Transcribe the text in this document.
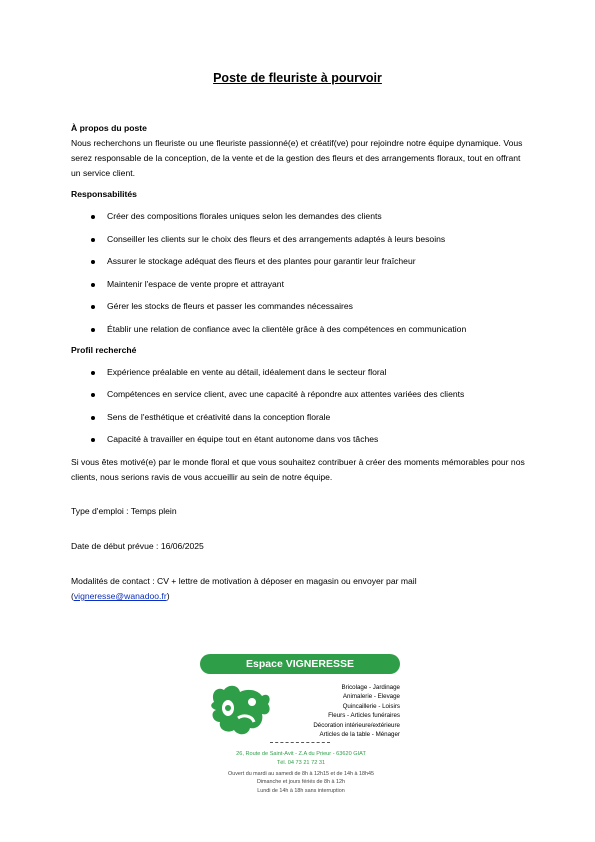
Poste de fleuriste à pourvoir

À propos du poste

Nous recherchons un fleuriste ou une fleuriste passionné(e) et créatif(ve) pour rejoindre notre équipe dynamique. Vous serez responsable de la conception, de la vente et de la gestion des fleurs et des arrangements floraux, tout en offrant un service client.

Responsabilités

Créer des compositions florales uniques selon les demandes des clients
Conseiller les clients sur le choix des fleurs et des arrangements adaptés à leurs besoins
Assurer le stockage adéquat des fleurs et des plantes pour garantir leur fraîcheur
Maintenir l'espace de vente propre et attrayant
Gérer les stocks de fleurs et passer les commandes nécessaires
Établir une relation de confiance avec la clientèle grâce à des compétences en communication

Profil recherché

Expérience préalable en vente au détail, idéalement dans le secteur floral
Compétences en service client, avec une capacité à répondre aux attentes variées des clients
Sens de l'esthétique et créativité dans la conception florale
Capacité à travailler en équipe tout en étant autonome dans vos tâches

Si vous êtes motivé(e) par le monde floral et que vous souhaitez contribuer à créer des moments mémorables pour nos clients, nous serions ravis de vous accueillir au sein de notre équipe.

Type d'emploi : Temps plein

Date de début prévue : 16/06/2025

Modalités de contact : CV + lettre de motivation à déposer en magasin ou envoyer par mail
(vigneresse@wanadoo.fr)

Espace VIGNERESSE
Bricolage - Jardinage
Animalerie - Elevage
Quincaillerie - Loisirs
Fleurs - Articles funéraires
Décoration intérieure/extérieure
Articles de la table - Ménager
26, Route de Saint-Avit - Z.A du Prieur - 63620 GIAT
Tél. 04 73 21 72 31
Ouvert du mardi au samedi de 8h à 12h15 et de 14h à 18h45
Dimanche et jours fériés de 8h à 12h
Lundi de 14h à 18h sans interruption
